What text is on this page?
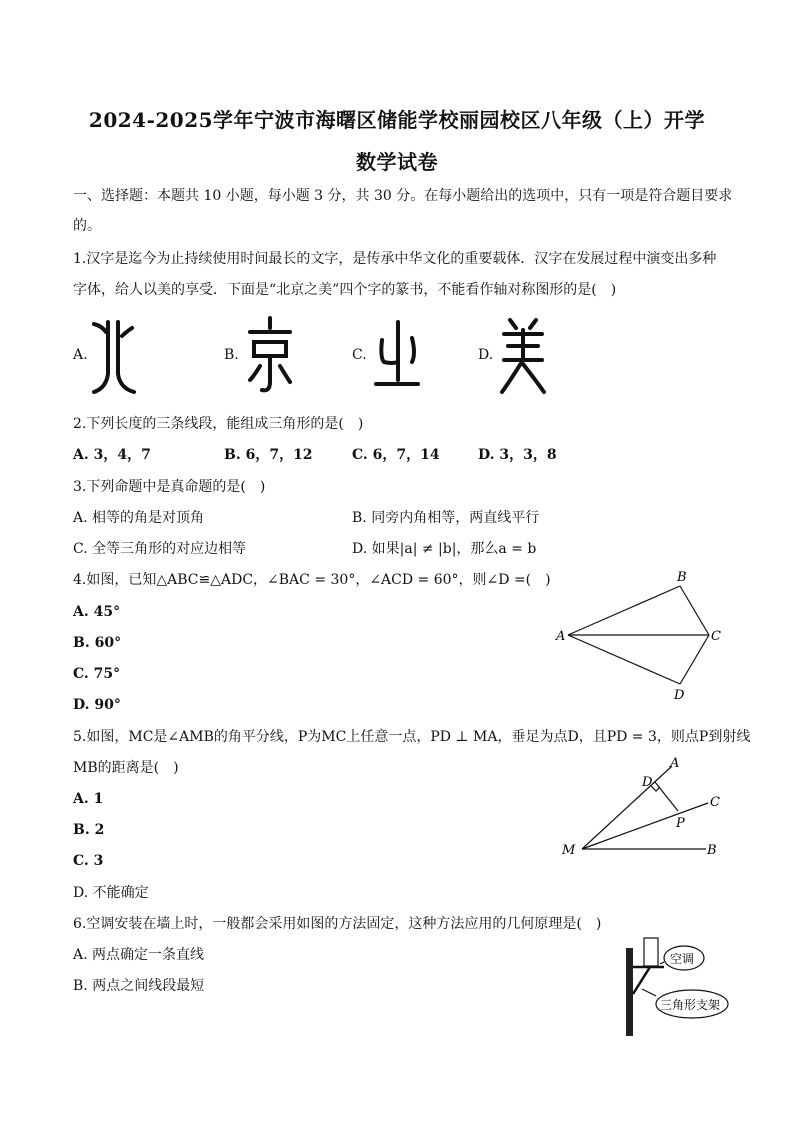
2024-2025学年宁波市海曙区储能学校丽园校区八年级（上）开学
数学试卷
一、选择题：本题共 10 小题，每小题 3 分，共 30 分。在每小题给出的选项中，只有一项是符合题目要求
的。
1.汉字是迄今为止持续使用时间最长的文字，是传承中华文化的重要载体．汉字在发展过程中演变出多种
字体，给人以美的享受．下面是“北京之美”四个字的篆书，不能看作轴对称图形的是(　)
A.	B.	C.	D.
2.下列长度的三条线段，能组成三角形的是(　)
A. 3，4，7	B. 6，7，12	C. 6，7，14	D. 3，3，8
3.下列命题中是真命题的是(　)
A. 相等的角是对顶角	B. 同旁内角相等，两直线平行
C. 全等三角形的对应边相等	D. 如果|a| ≠ |b|，那么a = b
4.如图，已知△ABC≌△ADC，∠BAC = 30°，∠ACD = 60°，则∠D =(　)
A. 45°
B. 60°
C. 75°
D. 90°
A
B
C
D
5.如图，MC是∠AMB的角平分线，P为MC上任意一点，PD ⊥ MA，垂足为点D，且PD = 3，则点P到射线
MB的距离是(　)
A. 1
B. 2
C. 3
D. 不能确定
M
A
D
C
P
B
6.空调安装在墙上时，一般都会采用如图的方法固定，这种方法应用的几何原理是(　)
A. 两点确定一条直线
B. 两点之间线段最短
空调
三角形支架
